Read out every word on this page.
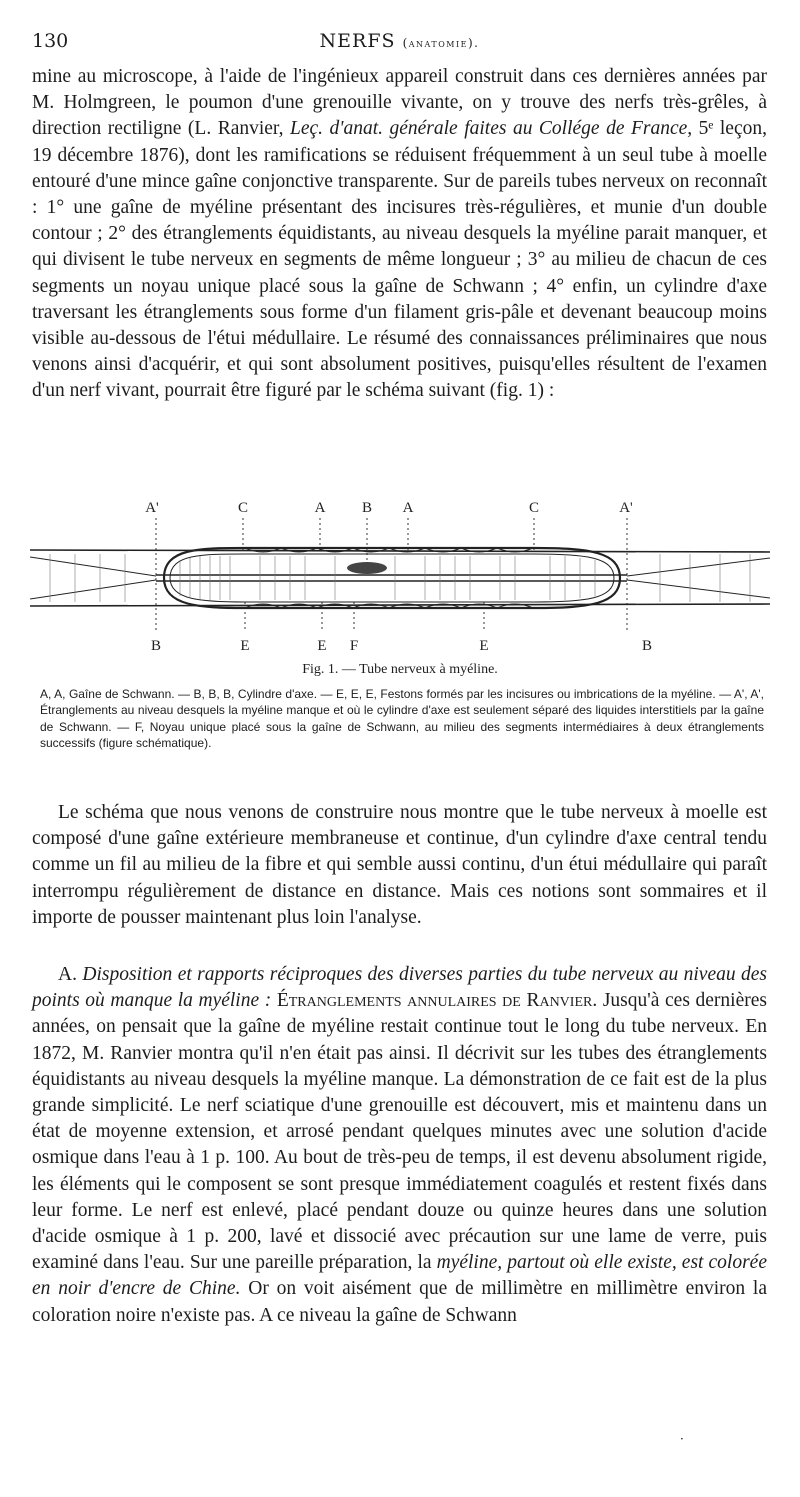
130	NERFS (anatomie).

mine au microscope, à l'aide de l'ingénieux appareil construit dans ces dernières années par M. Holmgreen, le poumon d'une grenouille vivante, on y trouve des nerfs très-grêles, à direction rectiligne (L. Ranvier, Leç. d'anat. générale faites au Collége de France, 5ᵉ leçon, 19 décembre 1876), dont les ramifications se réduisent fréquemment à un seul tube à moelle entouré d'une mince gaîne conjonctive transparente. Sur de pareils tubes nerveux on reconnaît : 1° une gaîne de myéline présentant des incisures très-régulières, et munie d'un double contour ; 2° des étranglements équidistants, au niveau desquels la myéline parait manquer, et qui divisent le tube nerveux en segments de même longueur ; 3° au milieu de chacun de ces segments un noyau unique placé sous la gaîne de Schwann ; 4° enfin, un cylindre d'axe traversant les étranglements sous forme d'un filament gris-pâle et devenant beaucoup moins visible au-dessous de l'étui médullaire. Le résumé des connaissances préliminaires que nous venons ainsi d'acquérir, et qui sont absolument positives, puisqu'elles résultent de l'examen d'un nerf vivant, pourrait être figuré par le schéma suivant (fig. 1) :

A'	C	A B A	C	A'
B	E	E F	E	B
Fig. 1. — Tube nerveux à myéline.

A, A, Gaîne de Schwann. — B, B, B, Cylindre d'axe. — E, E, E, Festons formés par les incisures ou imbrications de la myéline. — A', A', Étranglements au niveau desquels la myéline manque et où le cylindre d'axe est seulement séparé des liquides interstitiels par la gaîne de Schwann. — F, Noyau unique placé sous la gaîne de Schwann, au milieu des segments intermédiaires à deux étranglements successifs (figure schématique).

Le schéma que nous venons de construire nous montre que le tube nerveux à moelle est composé d'une gaîne extérieure membraneuse et continue, d'un cylindre d'axe central tendu comme un fil au milieu de la fibre et qui semble aussi continu, d'un étui médullaire qui paraît interrompu régulièrement de distance en distance. Mais ces notions sont sommaires et il importe de pousser maintenant plus loin l'analyse.

A. Disposition et rapports réciproques des diverses parties du tube nerveux au niveau des points où manque la myéline : Étranglements annulaires de Ranvier. Jusqu'à ces dernières années, on pensait que la gaîne de myéline restait continue tout le long du tube nerveux. En 1872, M. Ranvier montra qu'il n'en était pas ainsi. Il décrivit sur les tubes des étranglements équidistants au niveau desquels la myéline manque. La démonstration de ce fait est de la plus grande simplicité. Le nerf sciatique d'une grenouille est découvert, mis et maintenu dans un état de moyenne extension, et arrosé pendant quelques minutes avec une solution d'acide osmique dans l'eau à 1 p. 100. Au bout de très-peu de temps, il est devenu absolument rigide, les éléments qui le composent se sont presque immédiatement coagulés et restent fixés dans leur forme. Le nerf est enlevé, placé pendant douze ou quinze heures dans une solution d'acide osmique à 1 p. 200, lavé et dissocié avec précaution sur une lame de verre, puis examiné dans l'eau. Sur une pareille préparation, la myéline, partout où elle existe, est colorée en noir d'encre de Chine. Or on voit aisément que de millimètre en millimètre environ la coloration noire n'existe pas. A ce niveau la gaîne de Schwann

·
